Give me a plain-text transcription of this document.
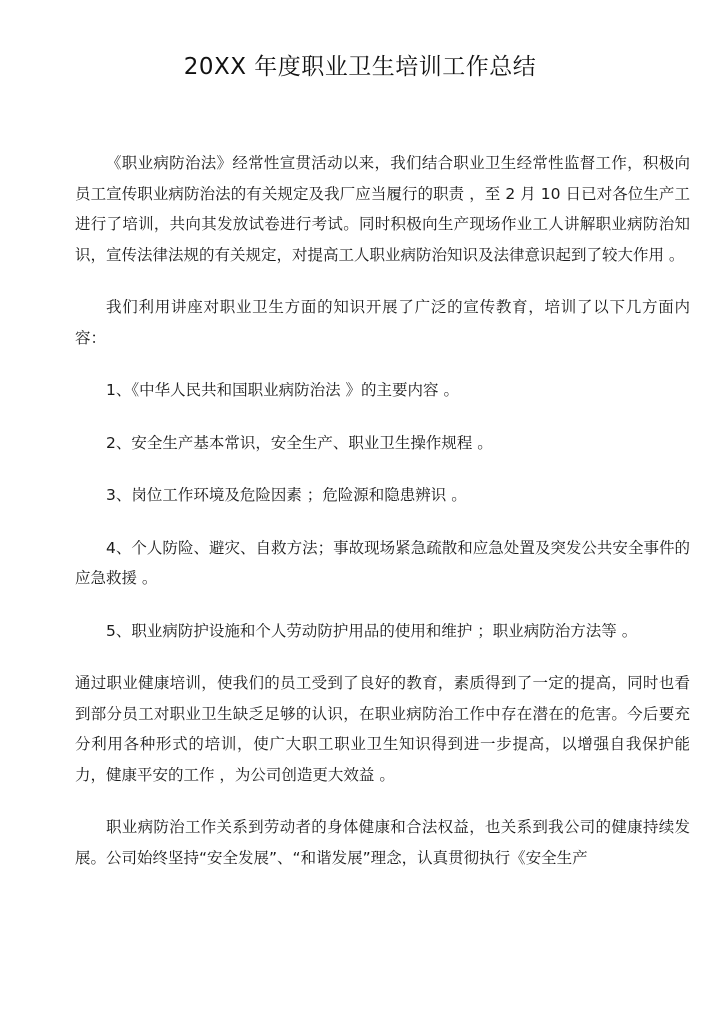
20XX 年度职业卫生培训工作总结

《职业病防治法》经常性宣贯活动以来，我们结合职业卫生经常性监督工作，积极向员工宣传职业病防治法的有关规定及我厂应当履行的职责 ，至 2 月 10 日已对各位生产工进行了培训，共向其发放试卷进行考试。同时积极向生产现场作业工人讲解职业病防治知识，宣传法律法规的有关规定，对提高工人职业病防治知识及法律意识起到了较大作用 。

我们利用讲座对职业卫生方面的知识开展了广泛的宣传教育，培训了以下几方面内容：

1、《中华人民共和国职业病防治法 》的主要内容 。

2、安全生产基本常识，安全生产、职业卫生操作规程 。

3、岗位工作环境及危险因素 ；危险源和隐患辨识 。

4、个人防险、避灾、自救方法；事故现场紧急疏散和应急处置及突发公共安全事件的应急救援 。

5、职业病防护设施和个人劳动防护用品的使用和维护 ；职业病防治方法等 。

通过职业健康培训，使我们的员工受到了良好的教育，素质得到了一定的提高，同时也看到部分员工对职业卫生缺乏足够的认识，在职业病防治工作中存在潜在的危害。今后要充分利用各种形式的培训，使广大职工职业卫生知识得到进一步提高，以增强自我保护能力，健康平安的工作 ，为公司创造更大效益 。

职业病防治工作关系到劳动者的身体健康和合法权益，也关系到我公司的健康持续发展。公司始终坚持“安全发展”、“和谐发展”理念，认真贯彻执行《安全生产
